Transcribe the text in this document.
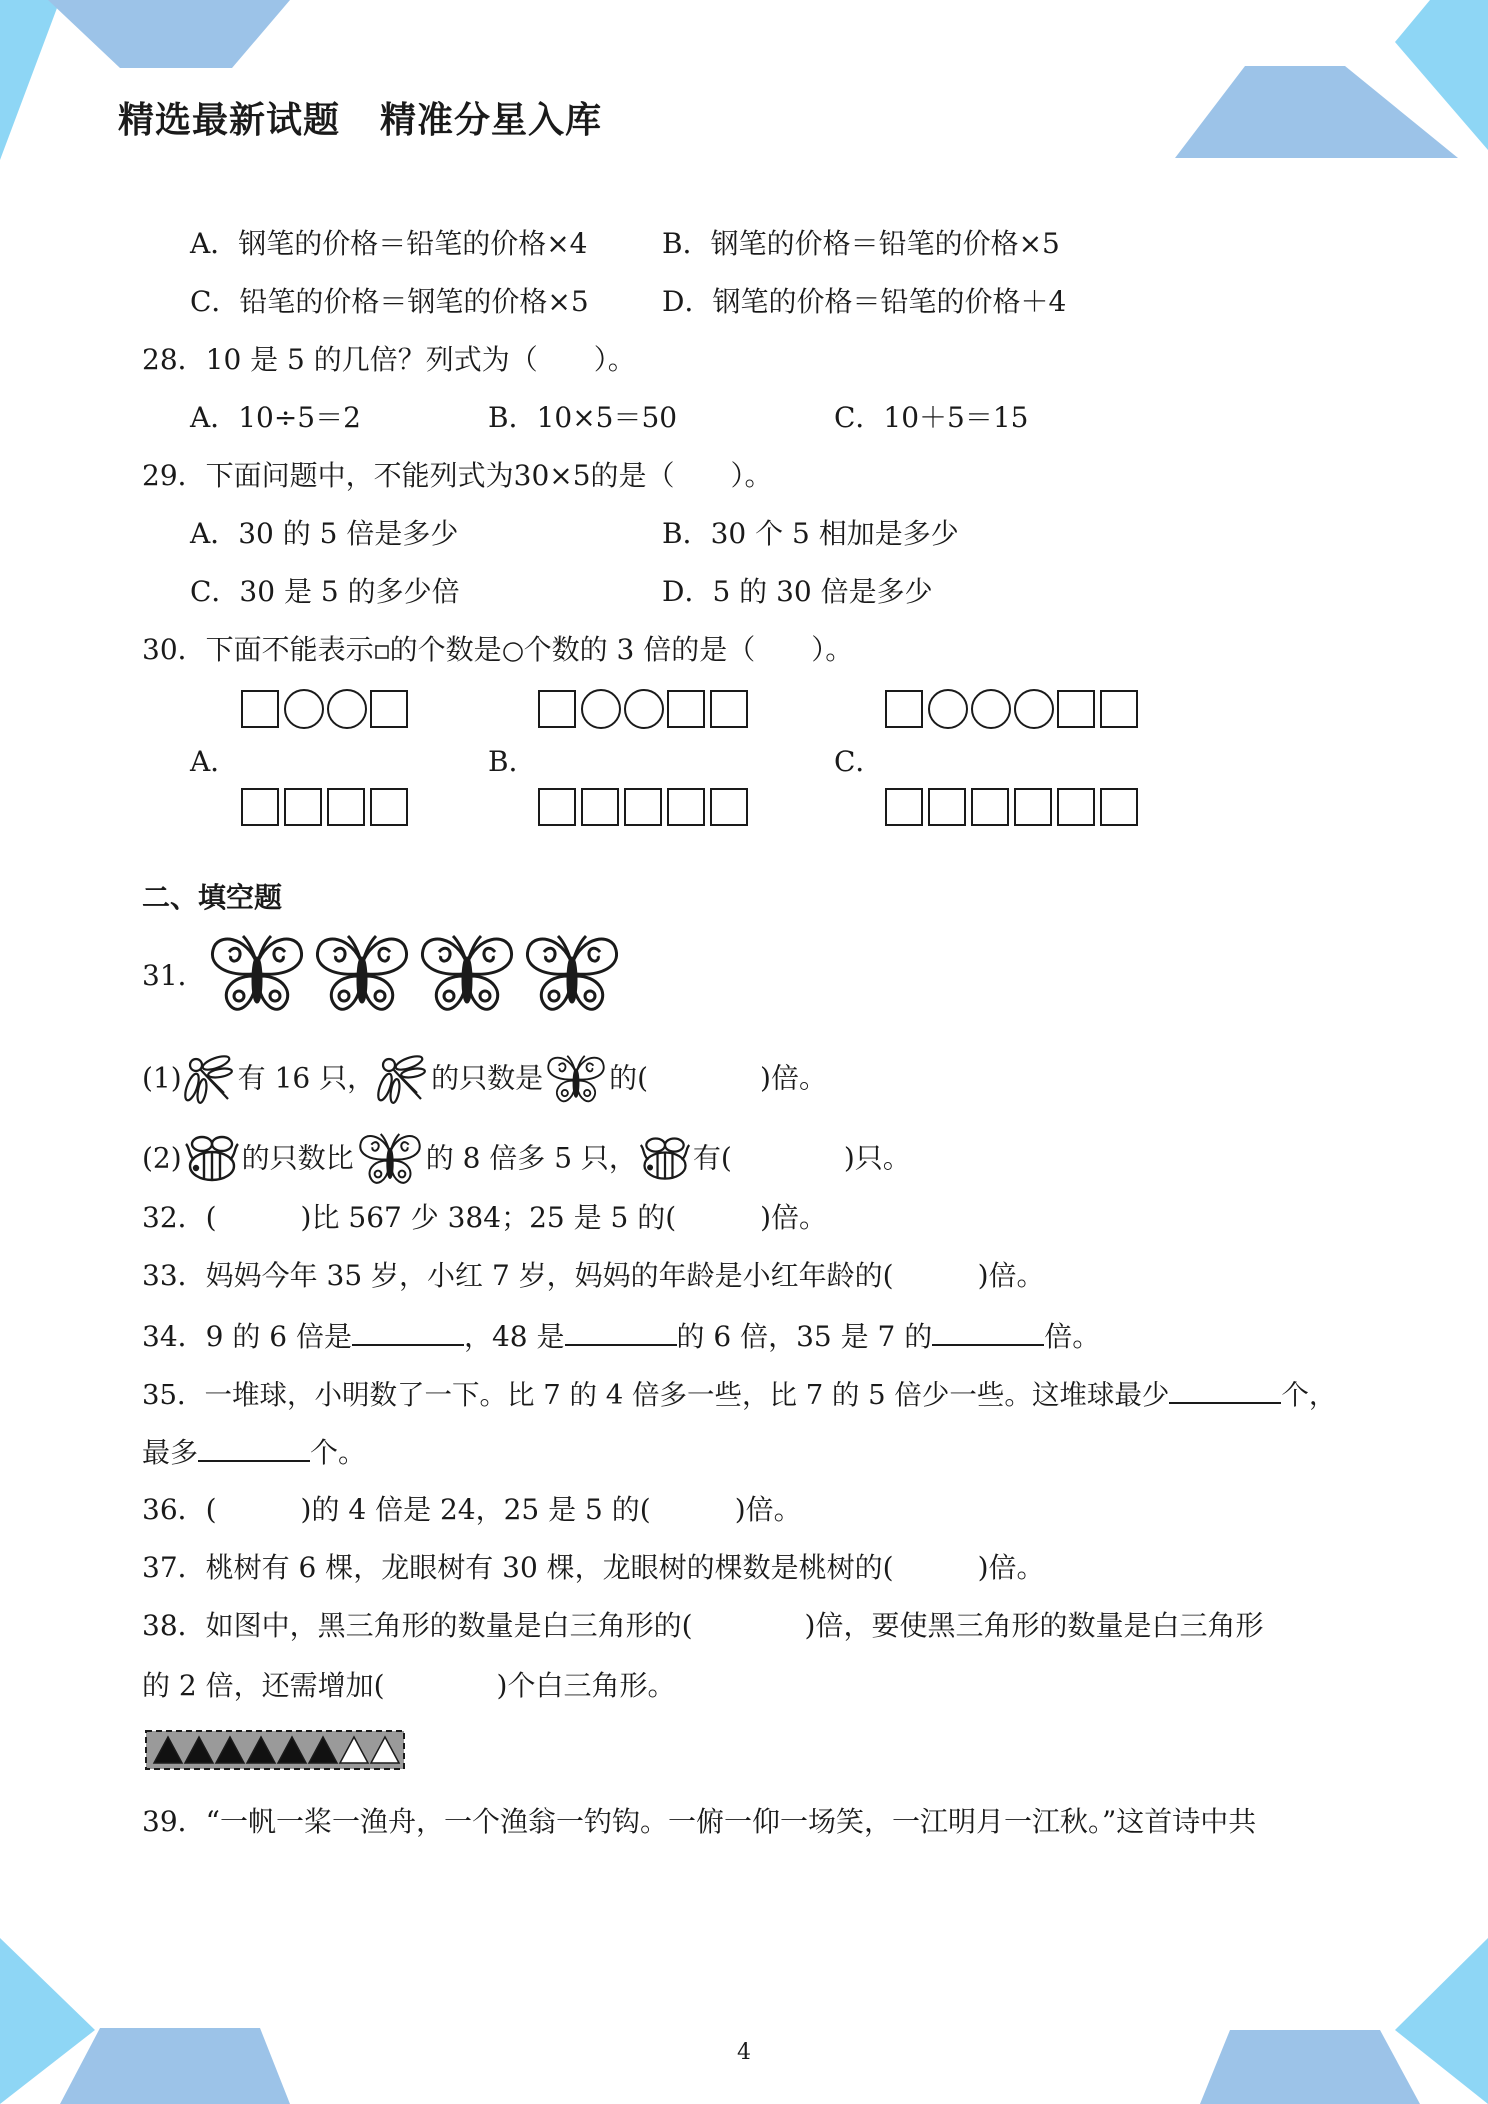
精选最新试题 精准分星入库
A．钢笔的价格＝铅笔的价格×4	B．钢笔的价格＝铅笔的价格×5
C．铅笔的价格＝钢笔的价格×5	D．钢笔的价格＝铅笔的价格＋4
28．10 是 5 的几倍？列式为（　　）。
A．10÷5＝2	B．10×5＝50	C．10＋5＝15
29．下面问题中，不能列式为30×5的是（　　）。
A．30 的 5 倍是多少	B．30 个 5 相加是多少
C．30 是 5 的多少倍	D．5 的 30 倍是多少
30．下面不能表示 的个数是 个数的 3 倍的是（　　）。
A．	B．	C．
二、填空题
31．

(1) 有 16 只， 的只数是 的(　　　　)倍。
(2) 的只数比	的 8 倍多 5 只， 有(　　　　)只。
32．(　　　)比 567 少 384；25 是 5 的(　　　)倍。
33．妈妈今年 35 岁，小红 7 岁，妈妈的年龄是小红年龄的(　　　)倍。
34．9 的 6 倍是	，48 是	的 6 倍，35 是 7 的	倍。
35．一堆球，小明数了一下。比 7 的 4 倍多一些，比 7 的 5 倍少一些。这堆球最少	个，
最多	个。
36．(　　　)的 4 倍是 24，25 是 5 的(　　　)倍。
37．桃树有 6 棵，龙眼树有 30 棵，龙眼树的棵数是桃树的(　　　)倍。
38．如图中，黑三角形的数量是白三角形的(　　　　)倍，要使黑三角形的数量是白三角形
的 2 倍，还需增加(　　　　)个白三角形。
39．“一帆一桨一渔舟，一个渔翁一钓钩。一俯一仰一场笑，一江明月一江秋。”这首诗中共
4
